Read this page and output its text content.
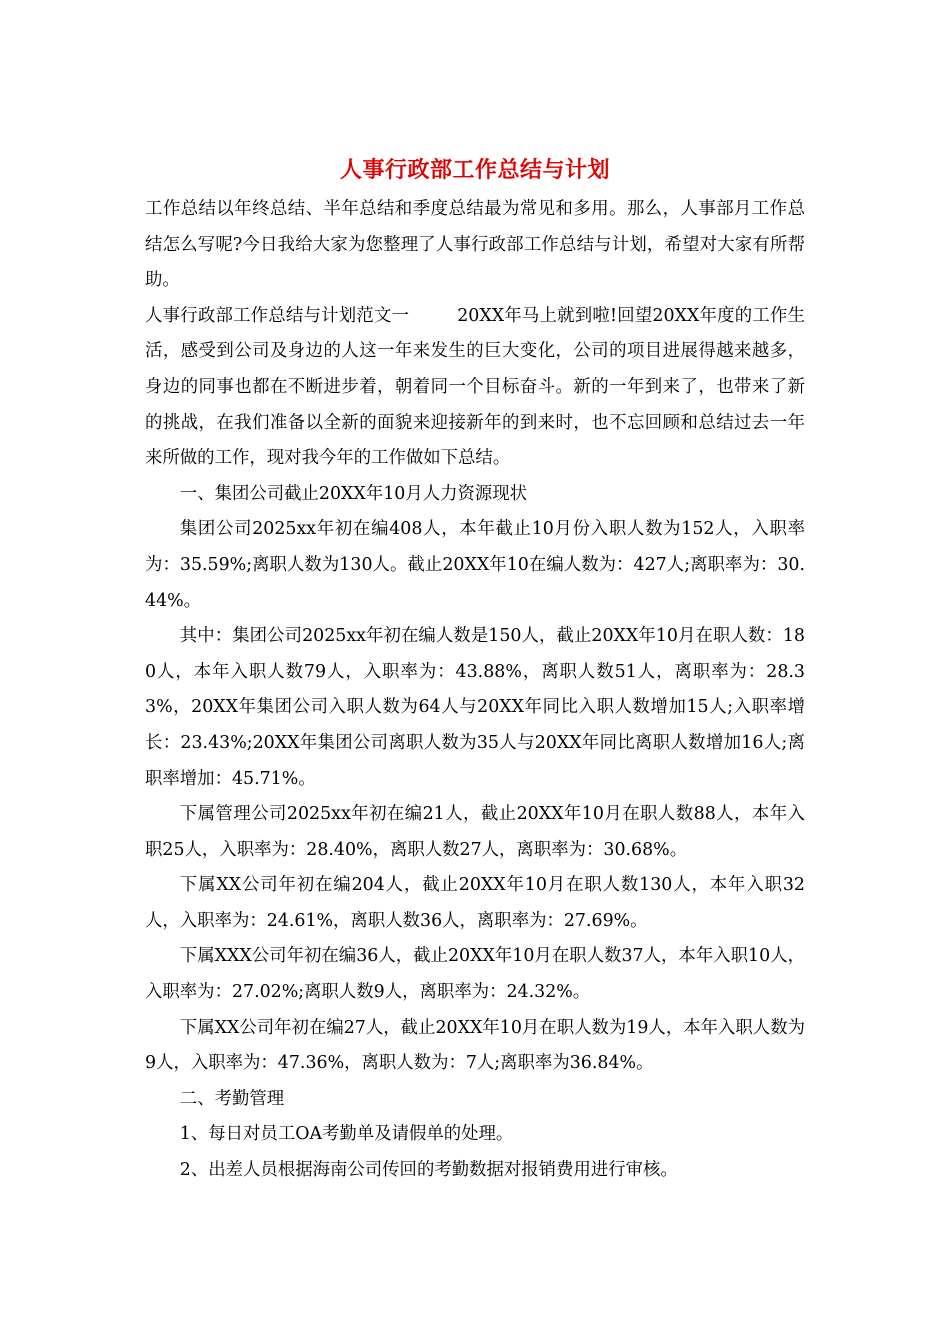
人事行政部工作总结与计划

工作总结以年终总结、半年总结和季度总结最为常见和多用。那么，人事部月工作总结怎么写呢?今日我给大家为您整理了人事行政部工作总结与计划，希望对大家有所帮助。

人事行政部工作总结与计划范文一	20XX年马上就到啦!回望20XX年度的工作生活，感受到公司及身边的人这一年来发生的巨大变化，公司的项目进展得越来越多，身边的同事也都在不断进步着，朝着同一个目标奋斗。新的一年到来了，也带来了新的挑战，在我们准备以全新的面貌来迎接新年的到来时，也不忘回顾和总结过去一年来所做的工作，现对我今年的工作做如下总结。

一、集团公司截止20XX年10月人力资源现状

集团公司2025xx年初在编408人，本年截止10月份入职人数为152人，入职率为：35.59%;离职人数为130人。截止20XX年10在编人数为：427人;离职率为：30.44%。

其中：集团公司2025xx年初在编人数是150人，截止20XX年10月在职人数：180人，本年入职人数79人，入职率为：43.88%，离职人数51人，离职率为：28.33%，20XX年集团公司入职人数为64人与20XX年同比入职人数增加15人;入职率增长：23.43%;20XX年集团公司离职人数为35人与20XX年同比离职人数增加16人;离职率增加：45.71%。

下属管理公司2025xx年初在编21人，截止20XX年10月在职人数88人，本年入职25人，入职率为：28.40%，离职人数27人，离职率为：30.68%。

下属XX公司年初在编204人，截止20XX年10月在职人数130人，本年入职32人，入职率为：24.61%，离职人数36人，离职率为：27.69%。

下属XXX公司年初在编36人，截止20XX年10月在职人数37人，本年入职10人，入职率为：27.02%;离职人数9人，离职率为：24.32%。

下属XX公司年初在编27人，截止20XX年10月在职人数为19人，本年入职人数为9人，入职率为：47.36%，离职人数为：7人;离职率为36.84%。

二、考勤管理

1、每日对员工OA考勤单及请假单的处理。

2、出差人员根据海南公司传回的考勤数据对报销费用进行审核。
